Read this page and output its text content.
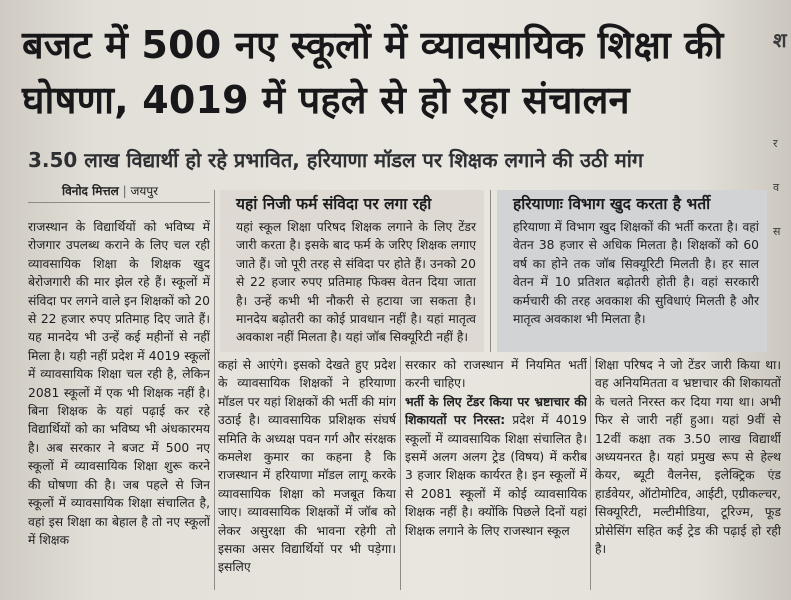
बजट में 500 नए स्कूलों में व्यावसायिक शिक्षा की घोषणा, 4019 में पहले से हो रहा संचालन
3.50 लाख विद्यार्थी हो रहे प्रभावित, हरियाणा मॉडल पर शिक्षक लगाने की उठी मांग
विनोद मित्तल | जयपुर

राजस्थान के विद्यार्थियों को भविष्य में रोजगार उपलब्ध कराने के लिए चल रही व्यावसायिक शिक्षा के शिक्षक खुद बेरोजगारी की मार झेल रहे हैं। स्कूलों में संविदा पर लगने वाले इन शिक्षकों को 20 से 22 हजार रुपए प्रतिमाह दिए जाते हैं। यह मानदेय भी उन्हें कई महीनों से नहीं मिला है। यही नहीं प्रदेश में 4019 स्कूलों में व्यावसायिक शिक्षा चल रही है, लेकिन 2081 स्कूलों में एक भी शिक्षक नहीं है। बिना शिक्षक के यहां पढ़ाई कर रहे विद्यार्थियों को का भविष्य भी अंधकारमय है। अब सरकार ने बजट में 500 नए स्कूलों में व्यावसायिक शिक्षा शुरू करने की घोषणा की है। जब पहले से जिन स्कूलों में व्यावसायिक शिक्षा संचालित है, वहां इस शिक्षा का बेहाल है तो नए स्कूलों में शिक्षक

यहां निजी फर्म संविदा पर लगा रही

यहां स्कूल शिक्षा परिषद शिक्षक लगाने के लिए टेंडर जारी करता है। इसके बाद फर्म के जरिए शिक्षक लगाए जाते हैं। जो पूरी तरह से संविदा पर होते हैं। उनको 20 से 22 हजार रुपए प्रतिमाह फिक्स वेतन दिया जाता है। उन्हें कभी भी नौकरी से हटाया जा सकता है। मानदेय बढ़ोतरी का कोई प्रावधान नहीं है। यहां मातृत्व अवकाश नहीं मिलता है। यहां जॉब सिक्यूरिटी नहीं है।

हरियाणाः विभाग खुद करता है भर्ती

हरियाणा में विभाग खुद शिक्षकों की भर्ती करता है। वहां वेतन 38 हजार से अधिक मिलता है। शिक्षकों को 60 वर्ष का होने तक जॉब सिक्यूरिटी मिलती है। हर साल वेतन में 10 प्रतिशत बढ़ोतरी होती है। वहां सरकारी कर्मचारी की तरह अवकाश की सुविधाएं मिलती है और मातृत्व अवकाश भी मिलता है।

कहां से आएंगे। इसको देखते हुए प्रदेश के व्यावसायिक शिक्षकों ने हरियाणा मॉडल पर यहां शिक्षकों की भर्ती की मांग उठाई है। व्यावसायिक प्रशिक्षक संघर्ष समिति के अध्यक्ष पवन गर्ग और संरक्षक कमलेश कुमार का कहना है कि राजस्थान में हरियाणा मॉडल लागू करके व्यावसायिक शिक्षा को मजबूत किया जाए। व्यावसायिक शिक्षकों में जॉब को लेकर असुरक्षा की भावना रहेगी तो इसका असर विद्यार्थियों पर भी पड़ेगा। इसलिए

सरकार को राजस्थान में नियमित भर्ती करनी चाहिए।
भर्ती के लिए टेंडर किया पर भ्रष्टाचार की शिकायतों पर निरस्त: प्रदेश में 4019 स्कूलों में व्यावसायिक शिक्षा संचालित है। इसमें अलग अलग ट्रेड (विषय) में करीब 3 हजार शिक्षक कार्यरत है। इन स्कूलों में से 2081 स्कूलों में कोई व्यावसायिक शिक्षक नहीं है। क्योंकि पिछले दिनों यहां शिक्षक लगाने के लिए राजस्थान स्कूल

शिक्षा परिषद ने जो टेंडर जारी किया था। वह अनियमितता व भ्रष्टाचार की शिकायतों के चलते निरस्त कर दिया गया था। अभी फिर से जारी नहीं हुआ। यहां 9वीं से 12वीं कक्षा तक 3.50 लाख विद्यार्थी अध्ययनरत है। यहां प्रमुख रूप से हेल्थ केयर, ब्यूटी वैलनेस, इलेक्ट्रिक एंड हार्डवेयर, ऑटोमोटिव, आईटी, एग्रीकल्चर, सिक्यूरिटी, मल्टीमीडिया, टूरिज्म, फूड प्रोसेसिंग सहित कई ट्रेड की पढ़ाई हो रही है।

श
र
व
स
